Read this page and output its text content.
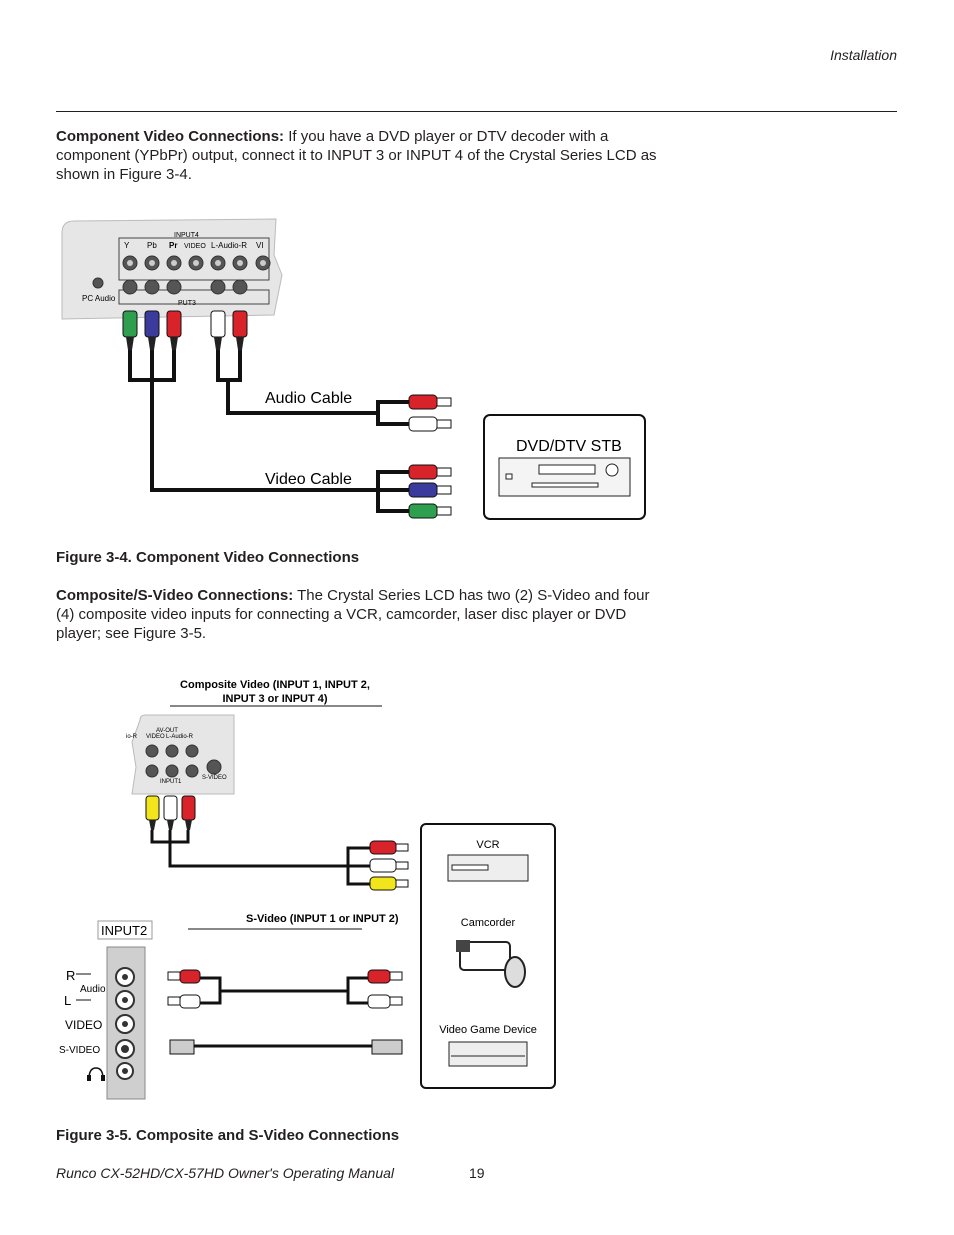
Installation
Component Video Connections: If you have a DVD player or DTV decoder with a component (YPbPr) output, connect it to INPUT 3 or INPUT 4 of the Crystal Series LCD as shown in Figure 3-4.
INPUT4
Y Pb Pr VIDEO L-Audio-R VI
PUT3
PC Audio
Audio Cable
Video Cable
DVD/DTV STB
Figure 3-4. Component Video Connections
Composite/S-Video Connections: The Crystal Series LCD has two (2) S-Video and four (4) composite video inputs for connecting a VCR, camcorder, laser disc player or DVD player; see Figure 3-5.
Composite Video (INPUT 1, INPUT 2,
INPUT 3 or INPUT 4)
AV-OUT
io-R VIDEO L-Audio-R
INPUT1
S-VIDEO
S-Video (INPUT 1 or INPUT 2)
INPUT2
R
Audio
L
VIDEO
S-VIDEO
VCR
Camcorder
Video Game Device
Figure 3-5. Composite and S-Video Connections
Runco CX-52HD/CX-57HD Owner's Operating Manual	19
